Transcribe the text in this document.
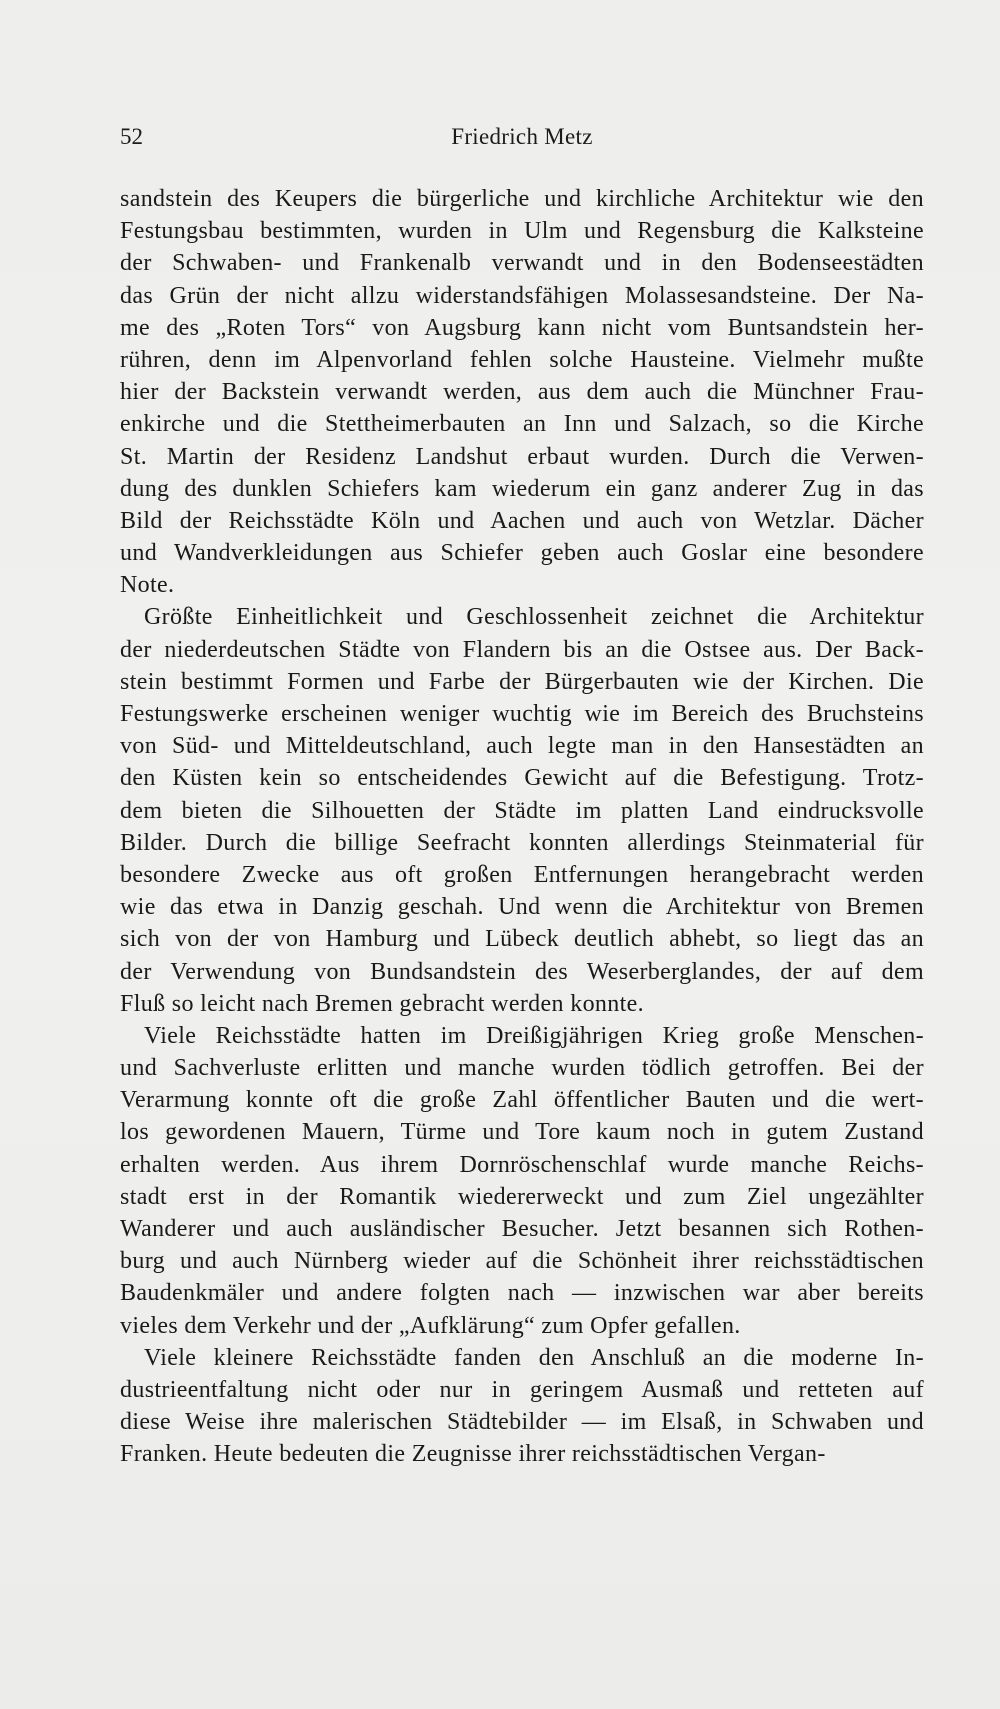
52	Friedrich Metz
sandstein des Keupers die bürgerliche und kirchliche Architektur wie den
Festungsbau bestimmten, wurden in Ulm und Regensburg die Kalksteine
der Schwaben- und Frankenalb verwandt und in den Bodenseestädten
das Grün der nicht allzu widerstandsfähigen Molassesandsteine. Der Na-
me des „Roten Tors“ von Augsburg kann nicht vom Buntsandstein her-
rühren, denn im Alpenvorland fehlen solche Hausteine. Vielmehr mußte
hier der Backstein verwandt werden, aus dem auch die Münchner Frau-
enkirche und die Stettheimerbauten an Inn und Salzach, so die Kirche
St. Martin der Residenz Landshut erbaut wurden. Durch die Verwen-
dung des dunklen Schiefers kam wiederum ein ganz anderer Zug in das
Bild der Reichsstädte Köln und Aachen und auch von Wetzlar. Dächer
und Wandverkleidungen aus Schiefer geben auch Goslar eine besondere
Note.
Größte Einheitlichkeit und Geschlossenheit zeichnet die Architektur
der niederdeutschen Städte von Flandern bis an die Ostsee aus. Der Back-
stein bestimmt Formen und Farbe der Bürgerbauten wie der Kirchen. Die
Festungswerke erscheinen weniger wuchtig wie im Bereich des Bruchsteins
von Süd- und Mitteldeutschland, auch legte man in den Hansestädten an
den Küsten kein so entscheidendes Gewicht auf die Befestigung. Trotz-
dem bieten die Silhouetten der Städte im platten Land eindrucksvolle
Bilder. Durch die billige Seefracht konnten allerdings Steinmaterial für
besondere Zwecke aus oft großen Entfernungen herangebracht werden
wie das etwa in Danzig geschah. Und wenn die Architektur von Bremen
sich von der von Hamburg und Lübeck deutlich abhebt, so liegt das an
der Verwendung von Bundsandstein des Weserberglandes, der auf dem
Fluß so leicht nach Bremen gebracht werden konnte.
Viele Reichsstädte hatten im Dreißigjährigen Krieg große Menschen-
und Sachverluste erlitten und manche wurden tödlich getroffen. Bei der
Verarmung konnte oft die große Zahl öffentlicher Bauten und die wert-
los gewordenen Mauern, Türme und Tore kaum noch in gutem Zustand
erhalten werden. Aus ihrem Dornröschenschlaf wurde manche Reichs-
stadt erst in der Romantik wiedererweckt und zum Ziel ungezählter
Wanderer und auch ausländischer Besucher. Jetzt besannen sich Rothen-
burg und auch Nürnberg wieder auf die Schönheit ihrer reichsstädtischen
Baudenkmäler und andere folgten nach — inzwischen war aber bereits
vieles dem Verkehr und der „Aufklärung“ zum Opfer gefallen.
Viele kleinere Reichsstädte fanden den Anschluß an die moderne In-
dustrieentfaltung nicht oder nur in geringem Ausmaß und retteten auf
diese Weise ihre malerischen Städtebilder — im Elsaß, in Schwaben und
Franken. Heute bedeuten die Zeugnisse ihrer reichsstädtischen Vergan-
